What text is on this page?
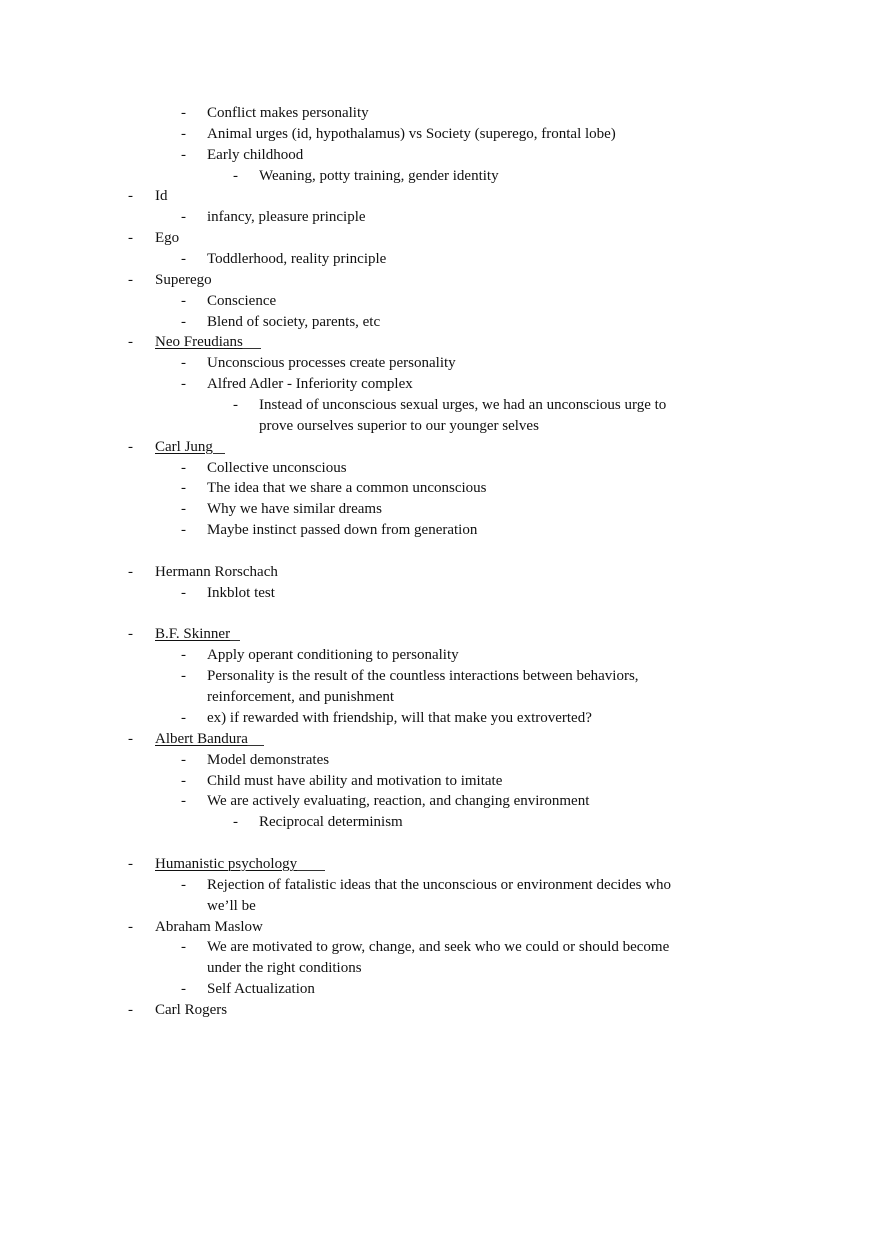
- Conflict makes personality
- Animal urges (id, hypothalamus) vs Society (superego, frontal lobe)
- Early childhood
- Weaning, potty training, gender identity
- Id
- infancy, pleasure principle
- Ego
- Toddlerhood, reality principle
- Superego
- Conscience
- Blend of society, parents, etc
- Neo Freudians
- Unconscious processes create personality
- Alfred Adler - Inferiority complex
- Instead of unconscious sexual urges, we had an unconscious urge to prove ourselves superior to our younger selves
- Carl Jung
- Collective unconscious
- The idea that we share a common unconscious
- Why we have similar dreams
- Maybe instinct passed down from generation
- Hermann Rorschach
- Inkblot test
- B.F. Skinner
- Apply operant conditioning to personality
- Personality is the result of the countless interactions between behaviors, reinforcement, and punishment
- ex) if rewarded with friendship, will that make you extroverted?
- Albert Bandura
- Model demonstrates
- Child must have ability and motivation to imitate
- We are actively evaluating, reaction, and changing environment
- Reciprocal determinism
- Humanistic psychology
- Rejection of fatalistic ideas that the unconscious or environment decides who we’ll be
- Abraham Maslow
- We are motivated to grow, change, and seek who we could or should become under the right conditions
- Self Actualization
- Carl Rogers
